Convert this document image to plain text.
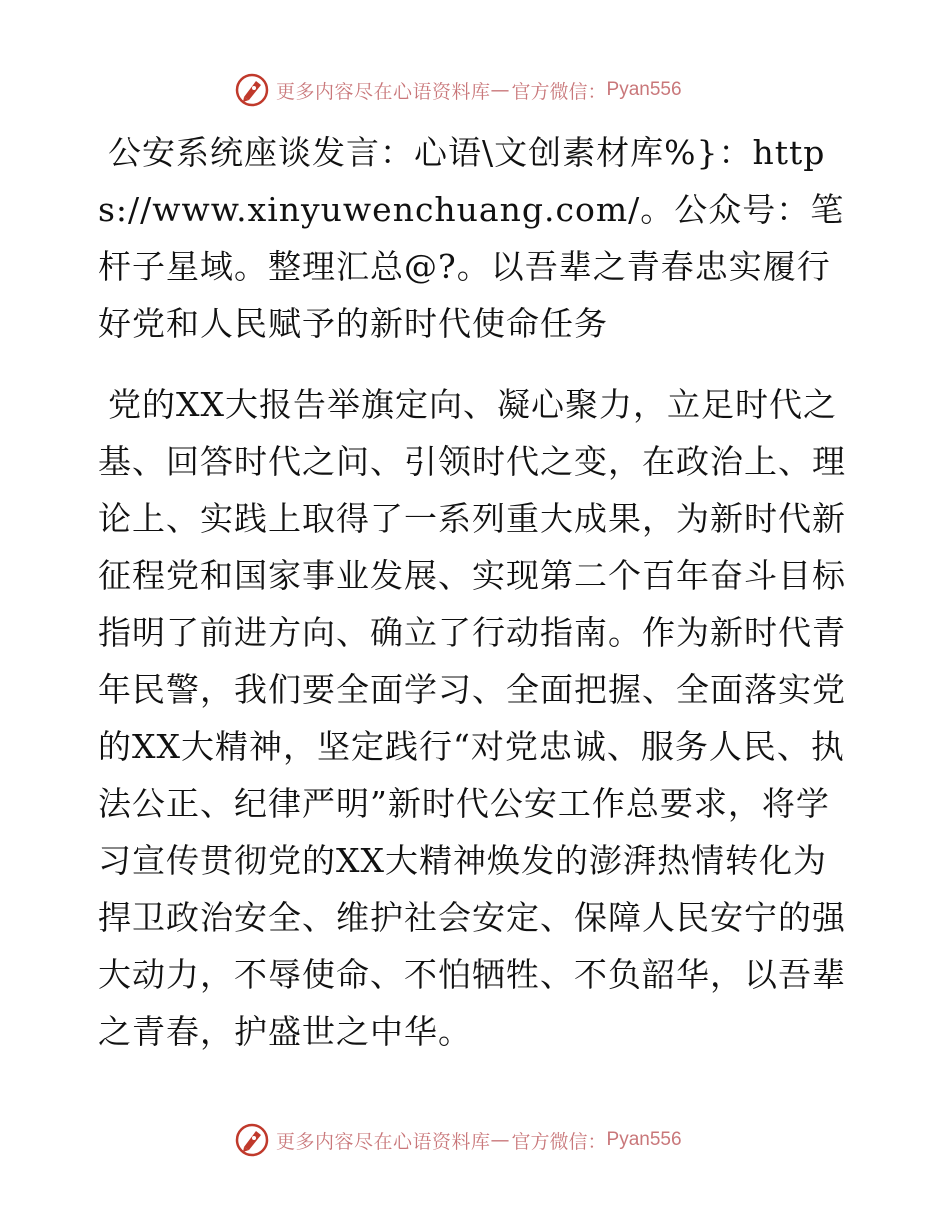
更多内容尽在心语资料库 — 官方微信： Pyan556

公安系统座谈发言：心语\文创素材库%}：https://www.xinyuwenchuang.com/。公众号：笔杆子星域。整理汇总@?。以吾辈之青春忠实履行好党和人民赋予的新时代使命任务

党的XX大报告举旗定向、凝心聚力，立足时代之基、回答时代之问、引领时代之变，在政治上、理论上、实践上取得了一系列重大成果，为新时代新征程党和国家事业发展、实现第二个百年奋斗目标指明了前进方向、确立了行动指南。作为新时代青年民警，我们要全面学习、全面把握、全面落实党的XX大精神，坚定践行“对党忠诚、服务人民、执法公正、纪律严明”新时代公安工作总要求，将学习宣传贯彻党的XX大精神焕发的澎湃热情转化为捍卫政治安全、维护社会安定、保障人民安宁的强大动力，不辱使命、不怕牺牲、不负韶华，以吾辈之青春，护盛世之中华。

更多内容尽在心语资料库 — 官方微信： Pyan556
